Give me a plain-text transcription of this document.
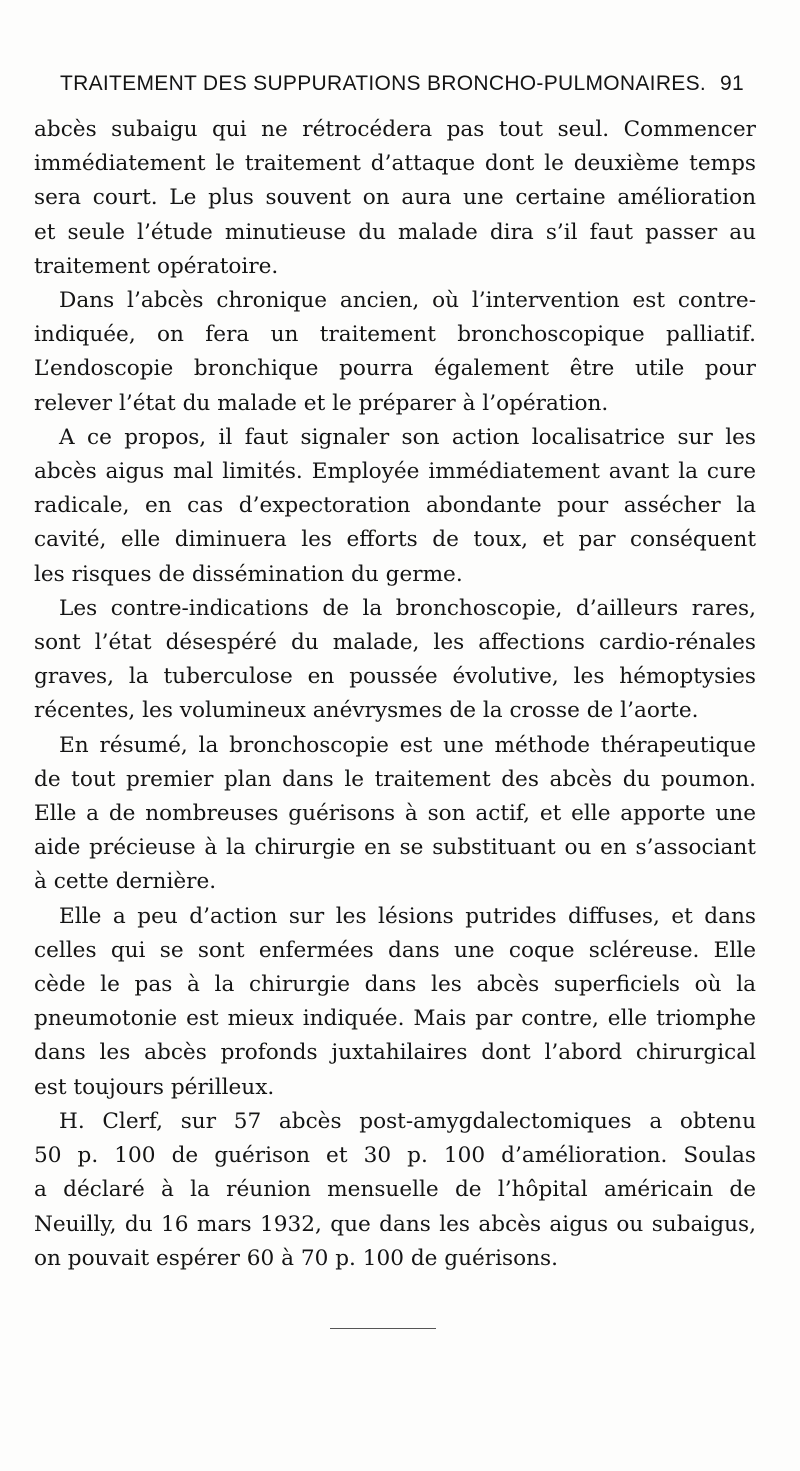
TRAITEMENT DES SUPPURATIONS BRONCHO-PULMONAIRES. 91

abcès subaigu qui ne rétrocédera pas tout seul. Commencer

immédiatement le traitement d’attaque dont le deuxième temps

sera court. Le plus souvent on aura une certaine amélioration

et seule l’étude minutieuse du malade dira s’il faut passer au

traitement opératoire.

Dans l’abcès chronique ancien, où l’intervention est contre-

indiquée, on fera un traitement bronchoscopique palliatif.

L’endoscopie bronchique pourra également être utile pour

relever l’état du malade et le préparer à l’opération.

A ce propos, il faut signaler son action localisatrice sur les

abcès aigus mal limités. Employée immédiatement avant la cure

radicale, en cas d’expectoration abondante pour assécher la

cavité, elle diminuera les efforts de toux, et par conséquent

les risques de dissémination du germe.

Les contre-indications de la bronchoscopie, d’ailleurs rares,

sont l’état désespéré du malade, les affections cardio-rénales

graves, la tuberculose en poussée évolutive, les hémoptysies

récentes, les volumineux anévrysmes de la crosse de l’aorte.

En résumé, la bronchoscopie est une méthode thérapeutique

de tout premier plan dans le traitement des abcès du poumon.

Elle a de nombreuses guérisons à son actif, et elle apporte une

aide précieuse à la chirurgie en se substituant ou en s’associant

à cette dernière.

Elle a peu d’action sur les lésions putrides diffuses, et dans

celles qui se sont enfermées dans une coque scléreuse. Elle

cède le pas à la chirurgie dans les abcès superficiels où la

pneumotonie est mieux indiquée. Mais par contre, elle triomphe

dans les abcès profonds juxtahilaires dont l’abord chirurgical

est toujours périlleux.

H. Clerf, sur 57 abcès post-amygdalectomiques a obtenu

50 p. 100 de guérison et 30 p. 100 d’amélioration. Soulas

a déclaré à la réunion mensuelle de l’hôpital américain de

Neuilly, du 16 mars 1932, que dans les abcès aigus ou subaigus,

on pouvait espérer 60 à 70 p. 100 de guérisons.
